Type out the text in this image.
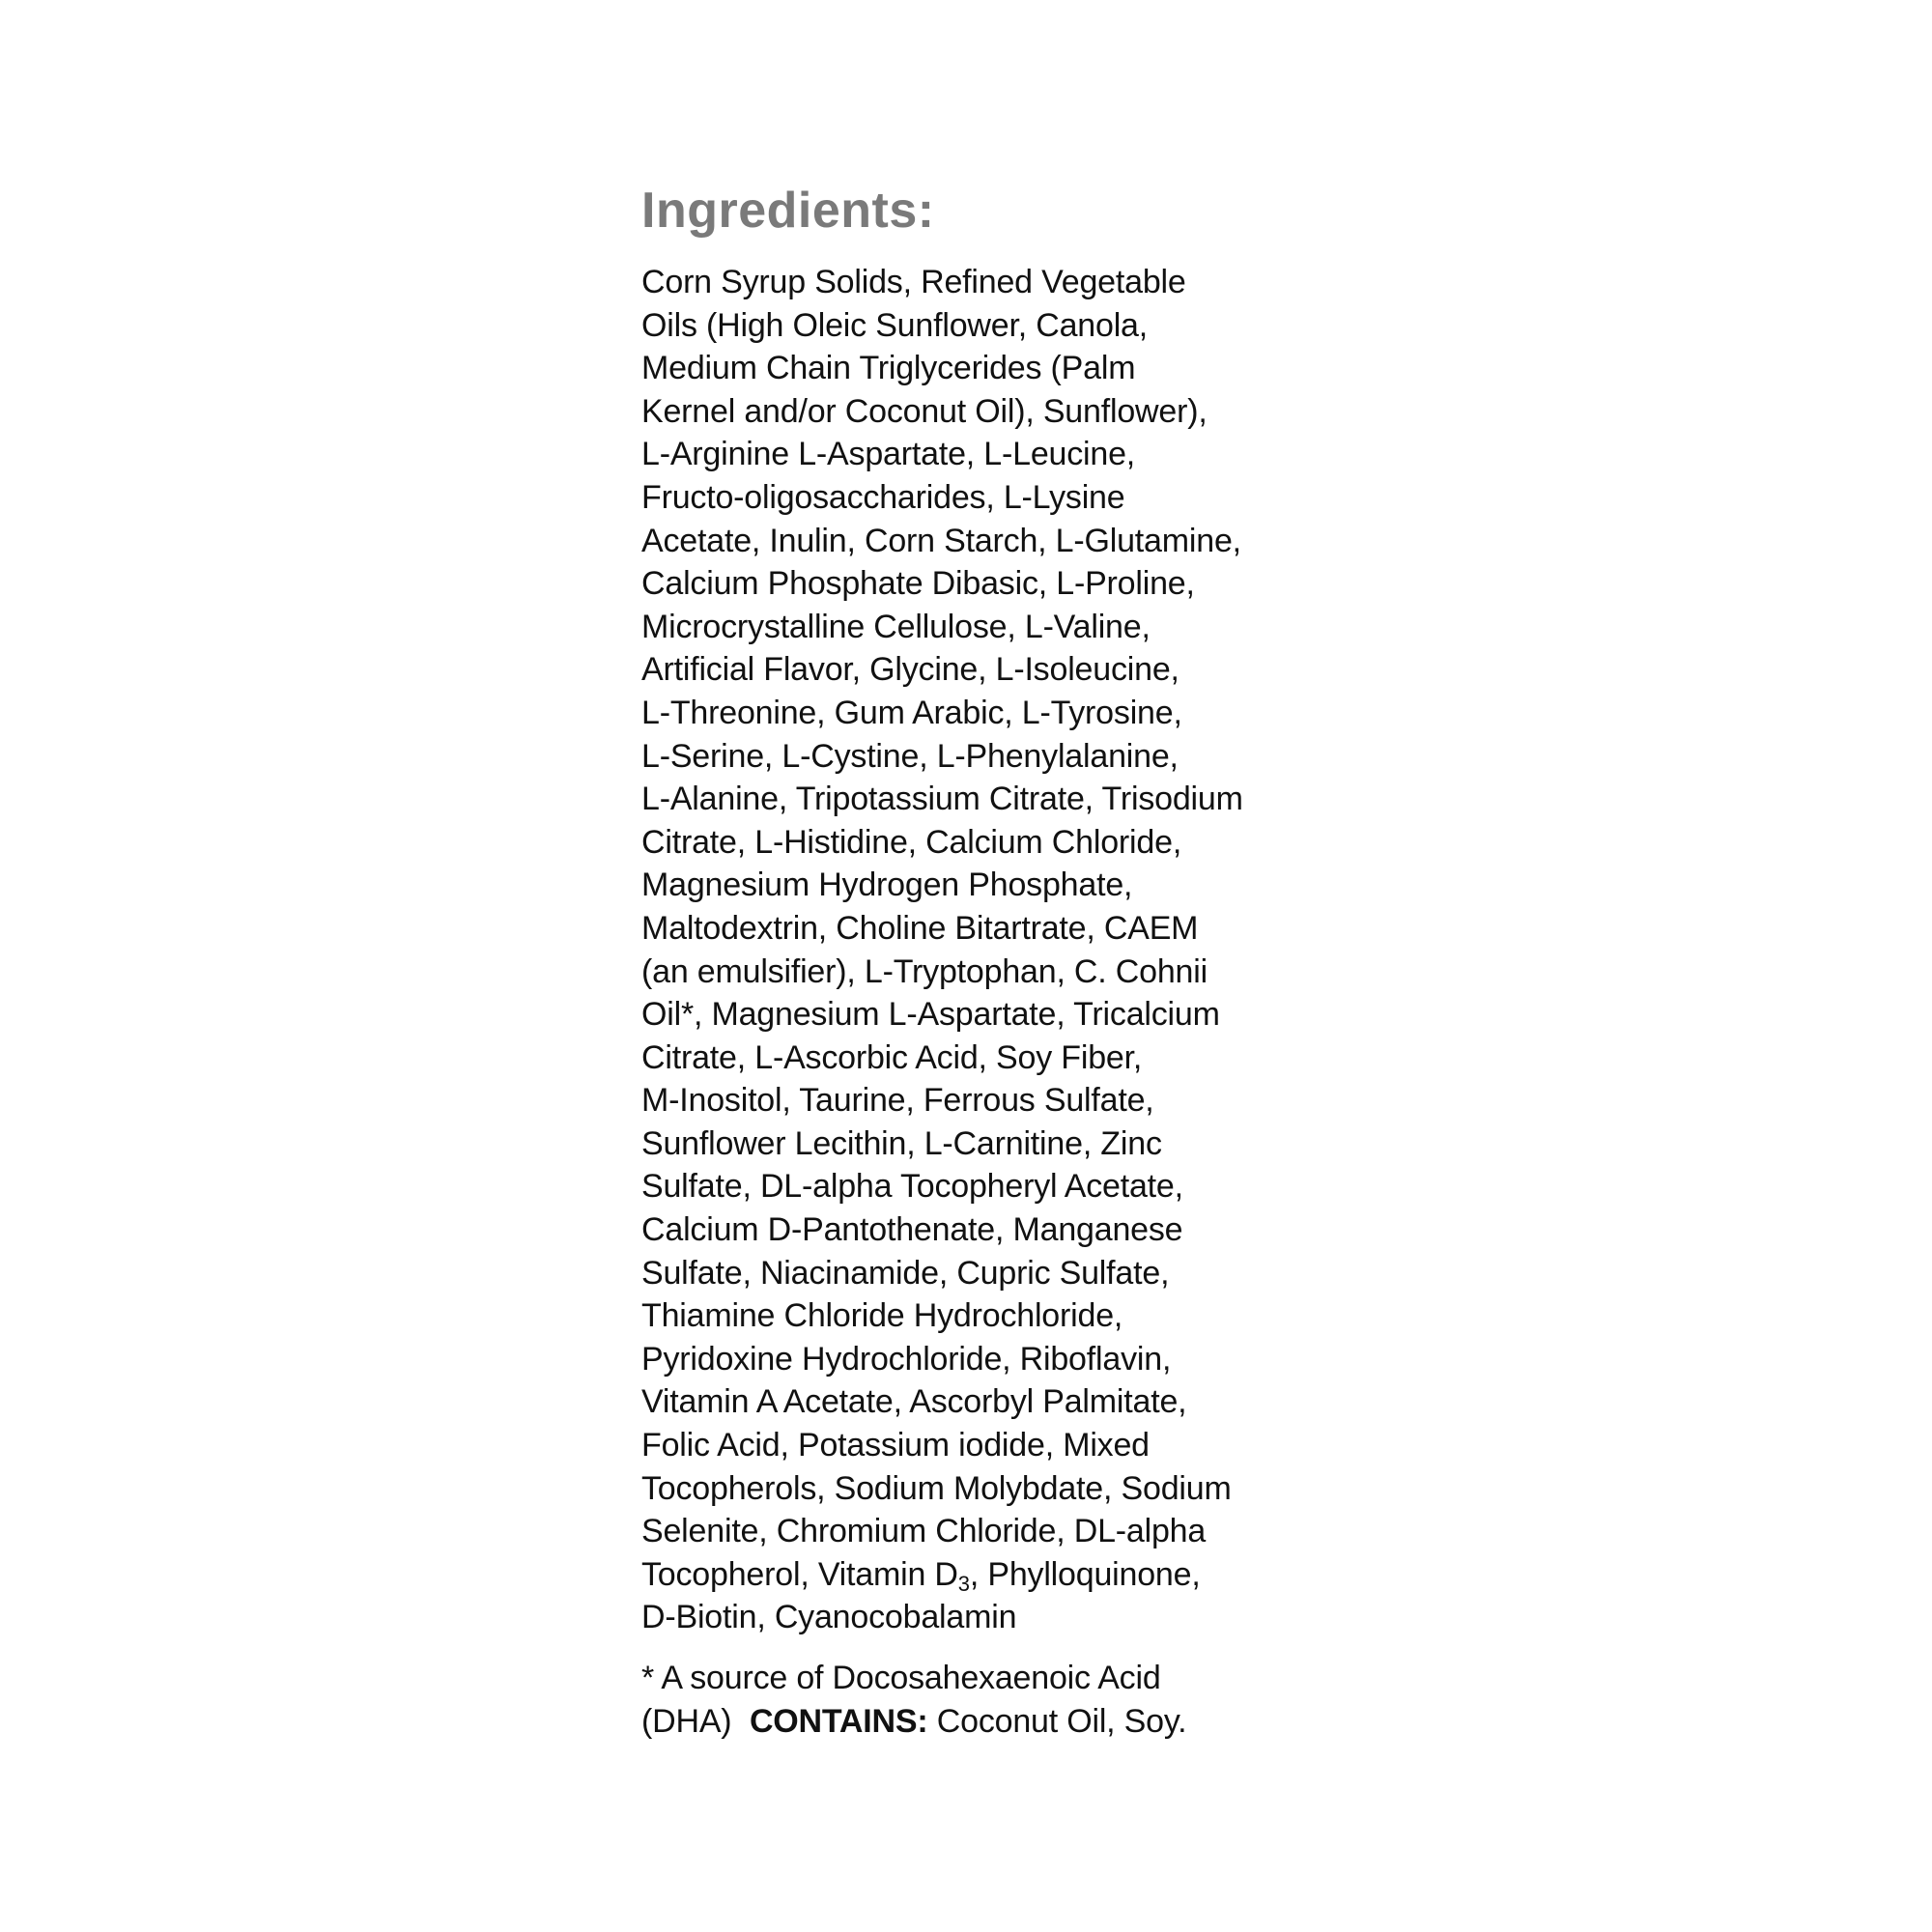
Ingredients:
Corn Syrup Solids, Refined Vegetable
Oils (High Oleic Sunflower, Canola,
Medium Chain Triglycerides (Palm
Kernel and/or Coconut Oil), Sunflower),
L-Arginine L-Aspartate, L-Leucine,
Fructo-oligosaccharides, L-Lysine
Acetate, Inulin, Corn Starch, L-Glutamine,
Calcium Phosphate Dibasic, L-Proline,
Microcrystalline Cellulose, L-Valine,
Artificial Flavor, Glycine, L-Isoleucine,
L-Threonine, Gum Arabic, L-Tyrosine,
L-Serine, L-Cystine, L-Phenylalanine,
L-Alanine, Tripotassium Citrate, Trisodium
Citrate, L-Histidine, Calcium Chloride,
Magnesium Hydrogen Phosphate,
Maltodextrin, Choline Bitartrate, CAEM
(an emulsifier), L-Tryptophan, C. Cohnii
Oil*, Magnesium L-Aspartate, Tricalcium
Citrate, L-Ascorbic Acid, Soy Fiber,
M-Inositol, Taurine, Ferrous Sulfate,
Sunflower Lecithin, L-Carnitine, Zinc
Sulfate, DL-alpha Tocopheryl Acetate,
Calcium D-Pantothenate, Manganese
Sulfate, Niacinamide, Cupric Sulfate,
Thiamine Chloride Hydrochloride,
Pyridoxine Hydrochloride, Riboflavin,
Vitamin A Acetate, Ascorbyl Palmitate,
Folic Acid, Potassium iodide, Mixed
Tocopherols, Sodium Molybdate, Sodium
Selenite, Chromium Chloride, DL-alpha
Tocopherol, Vitamin $D_3$, Phylloquinone,
D-Biotin, Cyanocobalamin
* A source of Docosahexaenoic Acid
(DHA) CONTAINS: Coconut Oil, Soy.
